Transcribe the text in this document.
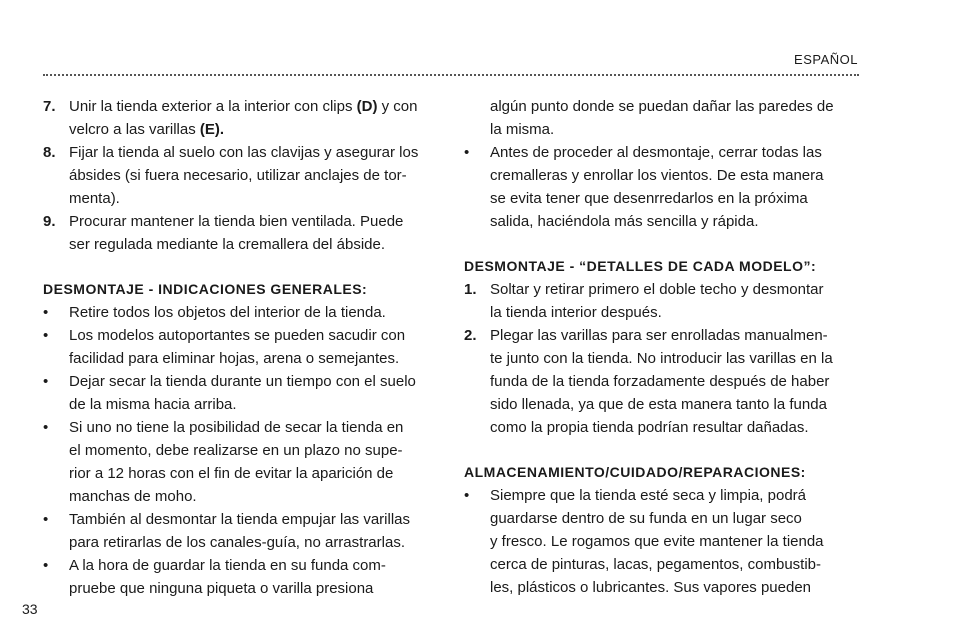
ESPAÑOL
7. Unir la tienda exterior a la interior con clips (D) y con
velcro a las varillas (E).
8. Fijar la tienda al suelo con las clavijas y asegurar los
ábsides (si fuera necesario, utilizar anclajes de tor-
menta).
9. Procurar mantener la tienda bien ventilada. Puede
ser regulada mediante la cremallera del ábside.
DESMONTAJE - INDICACIONES GENERALES:
•	Retire todos los objetos del interior de la tienda.
•	Los modelos autoportantes se pueden sacudir con
facilidad para eliminar hojas, arena o semejantes.
•	Dejar secar la tienda durante un tiempo con el suelo
de la misma hacia arriba.
•	Si uno no tiene la posibilidad de secar la tienda en
el momento, debe realizarse en un plazo no supe-
rior a 12 horas con el fin de evitar la aparición de
manchas de moho.
•	También al desmontar la tienda empujar las varillas
para retirarlas de los canales-guía, no arrastrarlas.
•	A la hora de guardar la tienda en su funda com-
pruebe que ninguna piqueta o varilla presiona
algún punto donde se puedan dañar las paredes de
la misma.
•	Antes de proceder al desmontaje, cerrar todas las
cremalleras y enrollar los vientos. De esta manera
se evita tener que desenrredarlos en la próxima
salida, haciéndola más sencilla y rápida.
DESMONTAJE - “DETALLES DE CADA MODELO”:
1. Soltar y retirar primero el doble techo y desmontar
la tienda interior después.
2. Plegar las varillas para ser enrolladas manualmen-
te junto con la tienda. No introducir las varillas en la
funda de la tienda forzadamente después de haber
sido llenada, ya que de esta manera tanto la funda
como la propia tienda podrían resultar dañadas.
ALMACENAMIENTO/CUIDADO/REPARACIONES:
•	Siempre que la tienda esté seca y limpia, podrá
guardarse dentro de su funda en un lugar seco
y fresco. Le rogamos que evite mantener la tienda
cerca de pinturas, lacas, pegamentos, combustib-
les, plásticos o lubricantes. Sus vapores pueden
33
